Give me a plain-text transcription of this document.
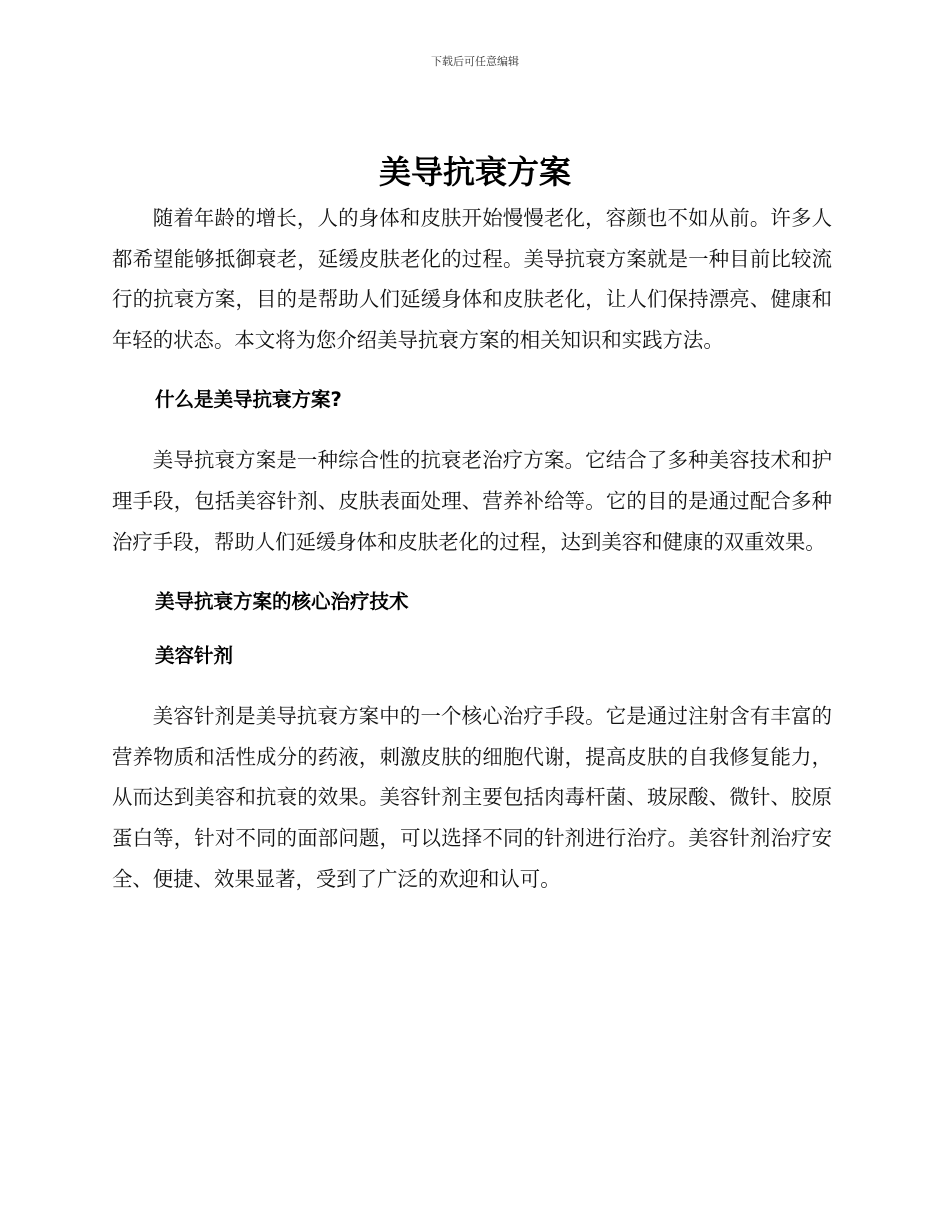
下载后可任意编辑
美导抗衰方案

随着年龄的增长，人的身体和皮肤开始慢慢老化，容颜也不如从前。许多人都希望能够抵御衰老，延缓皮肤老化的过程。美导抗衰方案就是一种目前比较流行的抗衰方案，目的是帮助人们延缓身体和皮肤老化，让人们保持漂亮、健康和年轻的状态。本文将为您介绍美导抗衰方案的相关知识和实践方法。

什么是美导抗衰方案?

美导抗衰方案是一种综合性的抗衰老治疗方案。它结合了多种美容技术和护理手段，包括美容针剂、皮肤表面处理、营养补给等。它的目的是通过配合多种治疗手段，帮助人们延缓身体和皮肤老化的过程，达到美容和健康的双重效果。

美导抗衰方案的核心治疗技术
美容针剂

美容针剂是美导抗衰方案中的一个核心治疗手段。它是通过注射含有丰富的营养物质和活性成分的药液，刺激皮肤的细胞代谢，提高皮肤的自我修复能力，从而达到美容和抗衰的效果。美容针剂主要包括肉毒杆菌、玻尿酸、微针、胶原蛋白等，针对不同的面部问题，可以选择不同的针剂进行治疗。美容针剂治疗安全、便捷、效果显著，受到了广泛的欢迎和认可。
